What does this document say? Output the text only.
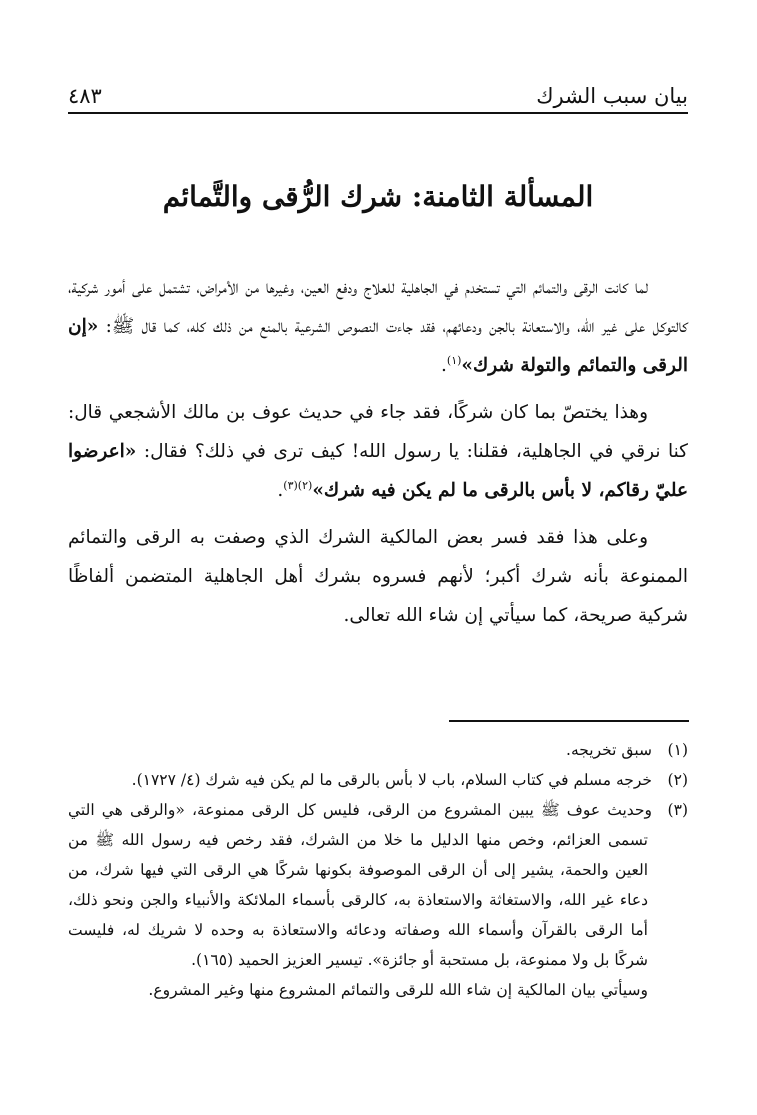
بيان سبب الشرك
٤٨٣
المسألة الثامنة: شرك الرُّقى والتَّمائم

لما كانت الرقى والتمائم التي تستخدم في الجاهلية للعلاج ودفع العين، وغيرها من الأمراض، تشتمل على أمور شركية، كالتوكل على غير الله، والاستعانة بالجن ودعائهم، فقد جاءت النصوص الشرعية بالمنع من ذلك كله، كما قال ﷺ: «إن الرقى والتمائم والتولة شرك»$^{(١)}$.

وهذا يختصّ بما كان شركًا، فقد جاء في حديث عوف بن مالك الأشجعي قال: كنا نرقي في الجاهلية، فقلنا: يا رسول الله! كيف ترى في ذلك؟ فقال: «اعرضوا عليّ رقاكم، لا بأس بالرقى ما لم يكن فيه شرك»$^{(٢)(٣)}$.

وعلى هذا فقد فسر بعض المالكية الشرك الذي وصفت به الرقى والتمائم الممنوعة بأنه شرك أكبر؛ لأنهم فسروه بشرك أهل الجاهلية المتضمن ألفاظًا شركية صريحة، كما سيأتي إن شاء الله تعالى.

(١)سبق تخريجه.

(٢)خرجه مسلم في كتاب السلام، باب لا بأس بالرقى ما لم يكن فيه شرك (٤/ ١٧٢٧).

(٣)وحديث عوف ﷺ يبين المشروع من الرقى، فليس كل الرقى ممنوعة، «والرقى هي التي تسمى العزائم، وخص منها الدليل ما خلا من الشرك، فقد رخص فيه رسول الله ﷺ من العين والحمة، يشير إلى أن الرقى الموصوفة بكونها شركًا هي الرقى التي فيها شرك، من دعاء غير الله، والاستغاثة والاستعاذة به، كالرقى بأسماء الملائكة والأنبياء والجن ونحو ذلك، أما الرقى بالقرآن وأسماء الله وصفاته ودعائه والاستعاذة به وحده لا شريك له، فليست شركًا بل ولا ممنوعة، بل مستحبة أو جائزة». تيسير العزيز الحميد (١٦٥).

وسيأتي بيان المالكية إن شاء الله للرقى والتمائم المشروع منها وغير المشروع.
